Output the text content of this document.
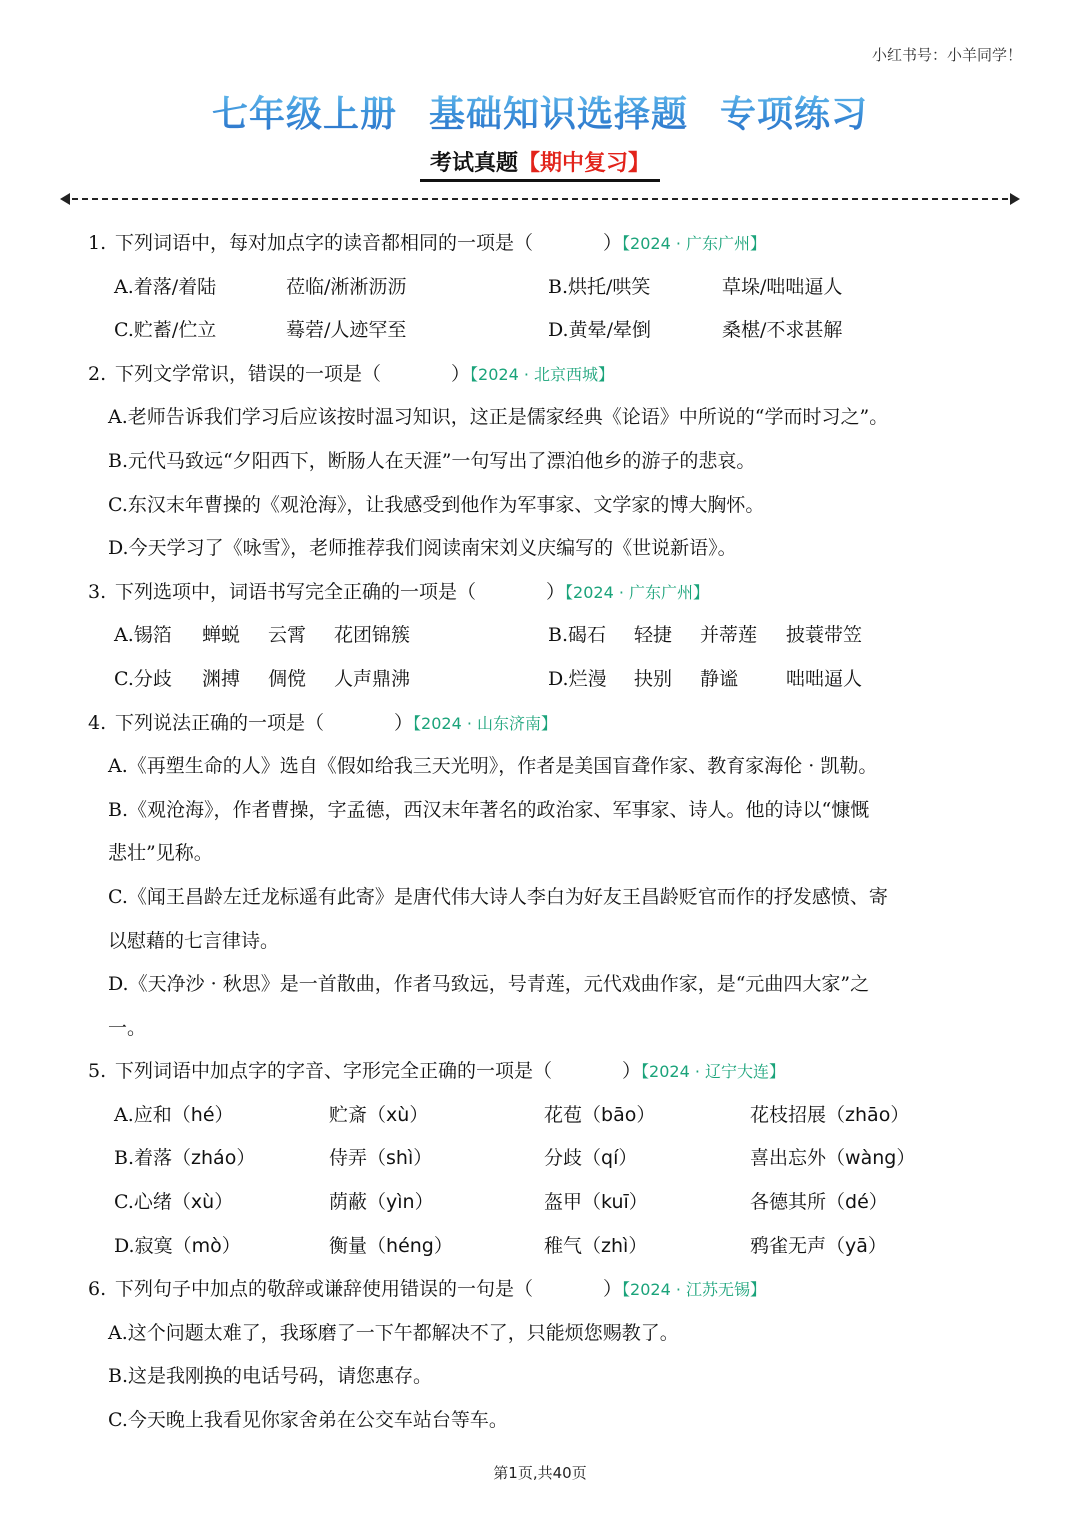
小红书号：小羊同学！
七年级上册 基础知识选择题 专项练习
考试真题【期中复习】
1. 下列词语中，每对加点字的读音都相同的一项是（	）【2024 · 广东广州】
A.着落/着陆	莅临/淅淅沥沥	B.烘托/哄笑	草垛/咄咄逼人
C.贮蓄/伫立	蓦菪/人迹罕至	D.黄晕/晕倒	桑椹/不求甚解
2. 下列文学常识，错误的一项是（	）【2024 · 北京西城】
A.老师告诉我们学习后应该按时温习知识，这正是儒家经典《论语》中所说的“学而时习之”。
B.元代马致远“夕阳西下，断肠人在天涯”一句写出了漂泊他乡的游子的悲哀。
C.东汉末年曹操的《观沧海》，让我感受到他作为军事家、文学家的博大胸怀。
D.今天学习了《咏雪》，老师推荐我们阅读南宋刘义庆编写的《世说新语》。
3. 下列选项中，词语书写完全正确的一项是（	）【2024 · 广东广州】
A.锡箔	蝉蜕	云霄	花团锦簇	B.碣石	轻捷	并蒂莲	披蓑带笠
C.分歧	渊搏	倜傥	人声鼎沸	D.烂漫	抉别	静谧	咄咄逼人
4. 下列说法正确的一项是（	）【2024 · 山东济南】
A.《再塑生命的人》选自《假如给我三天光明》，作者是美国盲聋作家、教育家海伦 · 凯勒。
B.《观沧海》，作者曹操，字孟德，西汉末年著名的政治家、军事家、诗人。他的诗以“慷慨
悲壮”见称。
C.《闻王昌龄左迁龙标遥有此寄》是唐代伟大诗人李白为好友王昌龄贬官而作的抒发感愤、寄
以慰藉的七言律诗。
D.《天净沙 · 秋思》是一首散曲，作者马致远，号青莲，元代戏曲作家，是“元曲四大家”之
一。
5. 下列词语中加点字的字音、字形完全正确的一项是（	）【2024 · 辽宁大连】
A.应和（hé）	贮斎（xù）	花苞（bāo）	花枝招展（zhāo）
B.着落（zháo）	侍弄（shì）	分歧（qí）	喜出忘外（wàng）
C.心绪（xù）	荫蔽（yìn）	盔甲（kuī）	各德其所（dé）
D.寂寞（mò）	衡量（héng）	稚气（zhì）	鸦雀无声（yā）
6. 下列句子中加点的敬辞或谦辞使用错误的一句是（	）【2024 · 江苏无锡】
A.这个问题太难了，我琢磨了一下午都解决不了，只能烦您赐教了。
B.这是我刚换的电话号码，请您惠存。
C.今天晚上我看见你家舍弟在公交车站台等车。
第1页,共40页
